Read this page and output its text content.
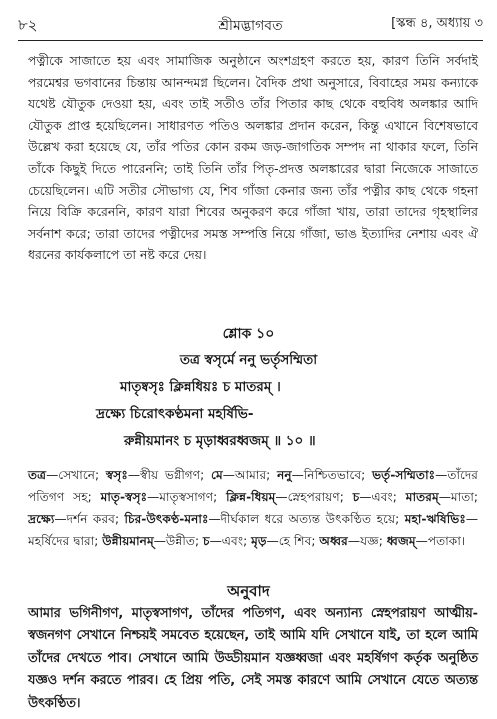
৮২	শ্রীমদ্ভাগবত	[স্কন্ধ ৪, অধ্যায় ৩

পত্নীকে সাজাতে হয় এবং সামাজিক অনুষ্ঠানে অংশগ্রহণ করতে হয়, কারণ তিনি সর্বদাই পরমেশ্বর ভগবানের চিন্তায় আনন্দমগ্ন ছিলেন। বৈদিক প্রথা অনুসারে, বিবাহের সময় কন্যাকে যথেষ্ট যৌতুক দেওয়া হয়, এবং তাই সতীও তাঁর পিতার কাছ থেকে বহুবিধ অলঙ্কার আদি যৌতুক প্রাপ্ত হয়েছিলেন। সাধারণত পতিও অলঙ্কার প্রদান করেন, কিন্তু এখানে বিশেষভাবে উল্লেখ করা হয়েছে যে, তাঁর পতির কোন রকম জড়-জাগতিক সম্পদ না থাকার ফলে, তিনি তাঁকে কিছুই দিতে পারেননি; তাই তিনি তাঁর পিতৃ-প্রদত্ত অলঙ্কারের দ্বারা নিজেকে সাজাতে চেয়েছিলেন। এটি সতীর সৌভাগ্য যে, শিব গাঁজা কেনার জন্য তাঁর পত্নীর কাছ থেকে গহনা নিয়ে বিক্রি করেননি, কারণ যারা শিবের অনুকরণ করে গাঁজা খায়, তারা তাদের গৃহস্থালির সর্বনাশ করে; তারা তাদের পত্নীদের সমস্ত সম্পত্তি নিয়ে গাঁজা, ভাঙ ইত্যাদির নেশায় এবং ঐ ধরনের কার্যকলাপে তা নষ্ট করে দেয়।

শ্লোক ১০
তত্র স্বসৃর্মে ননু ভর্তৃসম্মিতা
মাতৃষ্বসৃঃ ক্লিন্নধিয়ঃ চ মাতরম্‌ ।
দ্রক্ষ্যে চিরোৎকণ্ঠমনা মহর্ষিভি-
রুন্নীয়মানং চ মৃড়াধ্বরধ্বজম্‌ ॥ ১০ ॥

তত্র—সেখানে; স্বসৃঃ—স্বীয় ভগ্নীগণ; মে—আমার; ননু—নিশ্চিতভাবে; ভর্তৃ-সম্মিতাঃ—তাঁদের পতিগণ সহ; মাতৃ-স্বসৃঃ—মাতৃস্বসাগণ; ক্লিন্ন-ধিয়ম্‌—স্নেহপরায়ণ; চ—এবং; মাতরম্‌—মাতা; দ্রক্ষ্যে—দর্শন করব; চির-উৎকণ্ঠ-মনাঃ—দীর্ঘকাল ধরে অত্যন্ত উৎকণ্ঠিত হয়ে; মহা-ঋষিভিঃ—মহর্ষিদের দ্বারা; উন্নীয়মানম্‌—উন্নীত; চ—এবং; মৃড়—হে শিব; অধ্বর—যজ্ঞ; ধ্বজম্‌—পতাকা।

অনুবাদ

আমার ভগিনীগণ, মাতৃস্বসাগণ, তাঁদের পতিগণ, এবং অন্যান্য স্নেহপরায়ণ আত্মীয়-স্বজনগণ সেখানে নিশ্চয়ই সমবেত হয়েছেন, তাই আমি যদি সেখানে যাই, তা হলে আমি তাঁদের দেখতে পাব। সেখানে আমি উড্ডীয়মান যজ্ঞধ্বজা এবং মহর্ষিগণ কর্তৃক অনুষ্ঠিত যজ্ঞও দর্শন করতে পারব। হে প্রিয় পতি, সেই সমস্ত কারণে আমি সেখানে যেতে অত্যন্ত উৎকণ্ঠিত।
